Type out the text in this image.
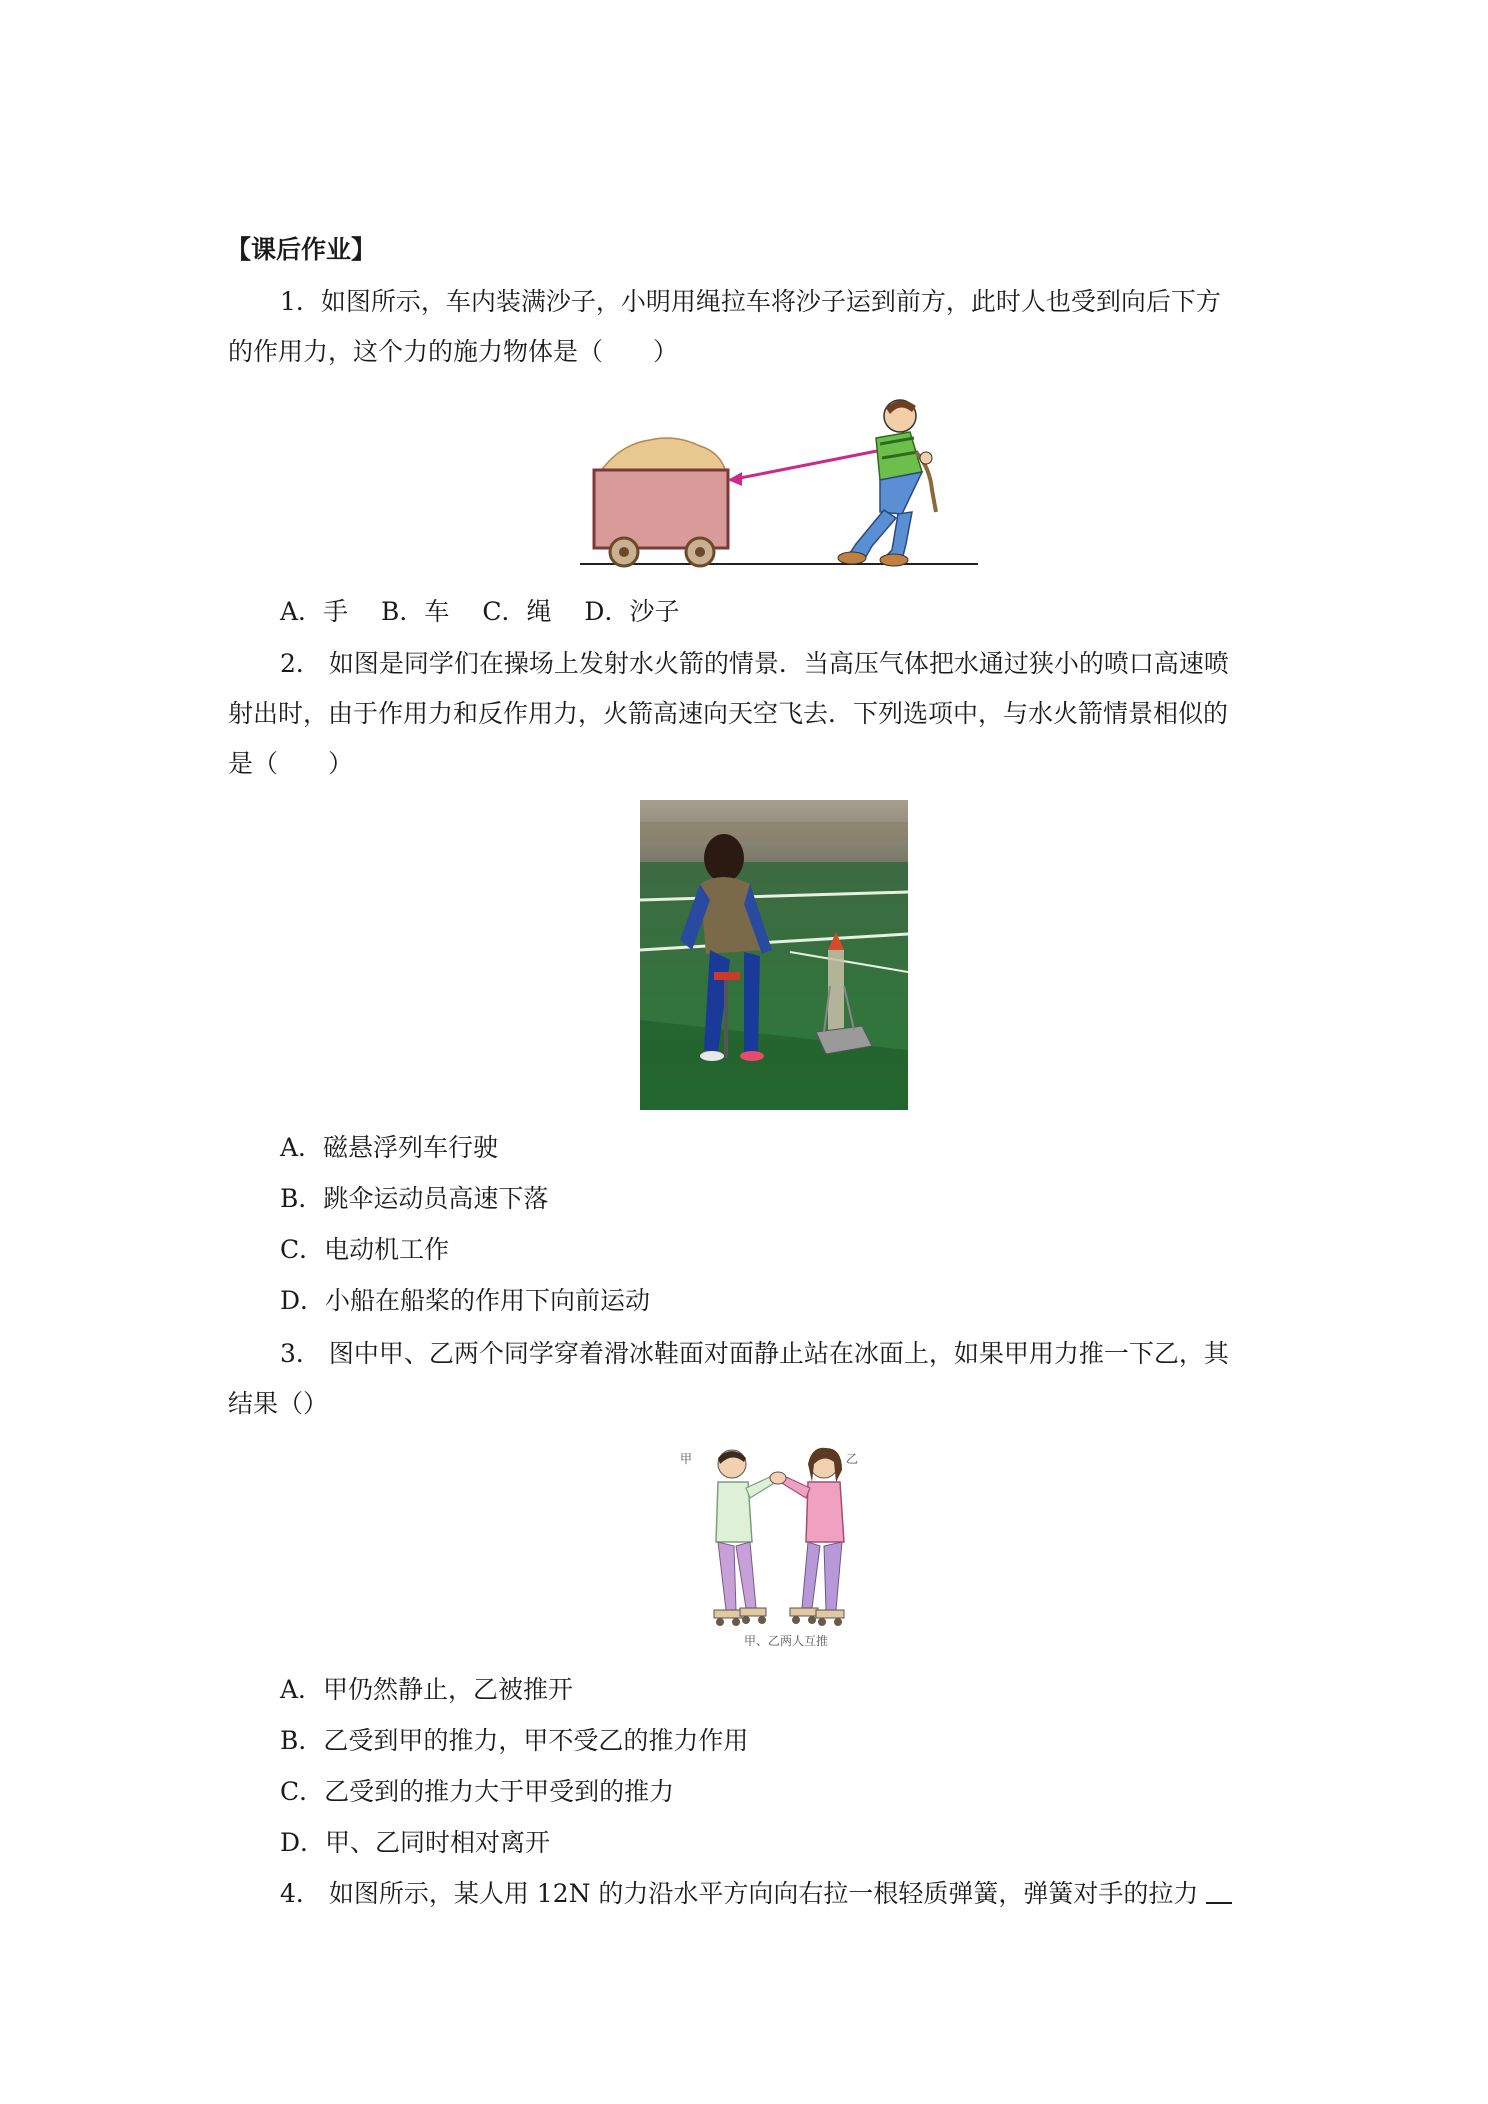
【课后作业】
1．如图所示，车内装满沙子，小明用绳拉车将沙子运到前方，此时人也受到向后下方
的作用力，这个力的施力物体是（　　）
A．手　 B．车　 C．绳　 D．沙子
2． 如图是同学们在操场上发射水火箭的情景．当高压气体把水通过狭小的喷口高速喷
射出时，由于作用力和反作用力，火箭高速向天空飞去．下列选项中，与水火箭情景相似的
是（　　）
A．磁悬浮列车行驶
B．跳伞运动员高速下落
C．电动机工作
D．小船在船桨的作用下向前运动
3． 图中甲、乙两个同学穿着滑冰鞋面对面静止站在冰面上，如果甲用力推一下乙，其
结果（）
甲	乙
甲、乙两人互推
A．甲仍然静止，乙被推开
B．乙受到甲的推力，甲不受乙的推力作用
C．乙受到的推力大于甲受到的推力
D．甲、乙同时相对离开
4． 如图所示，某人用 12N 的力沿水平方向向右拉一根轻质弹簧，弹簧对手的拉力
